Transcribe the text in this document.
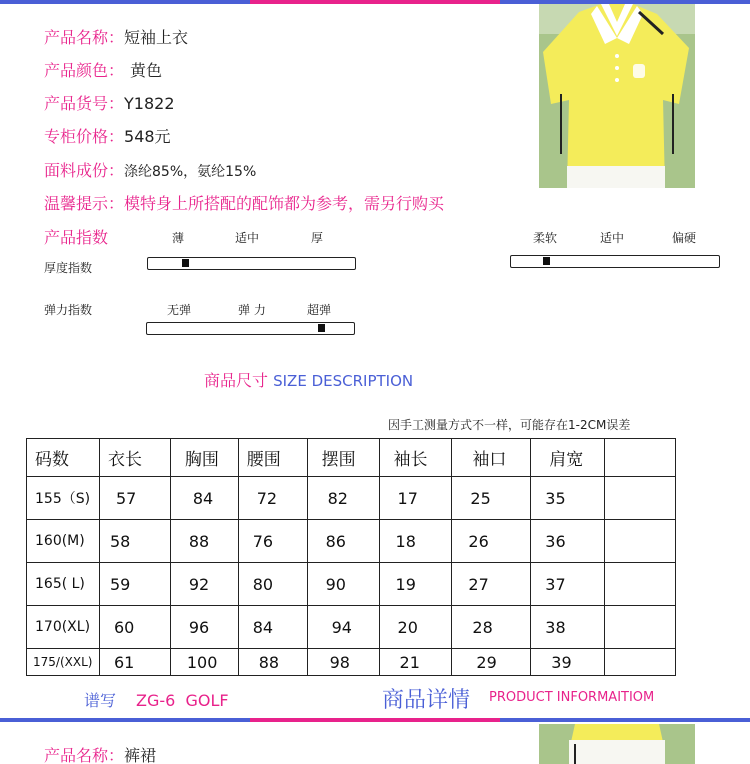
产品名称：短袖上衣
产品颜色： 黄色
产品货号：Y1822
专柜价格：548元
面料成份：涤纶85%，氨纶15%
温馨提示：模特身上所搭配的配饰都为参考，需另行购买
产品指数	薄	适中	厚
厚度指数
柔软	适中	偏硬
无弹	弹 力	超弹
弹力指数
商品尺寸 SIZE DESCRIPTION
因手工测量方式不一样，可能存在1-2CM误差
码数	衣长	胸围	腰围	摆围	袖长	袖口	肩宽	
155（S)	57	84	72	82	17	25	35	
160(M)	58	88	76	86	18	26	36	
165( L)	59	92	80	90	19	27	37	
170(XL)	60	96	84	94	20	28	38	
175/(XXL)	61	100	88	98	21	29	39	
谱写 ZG-6  GOLF	商品详情 PRODUCT INFORMAITIOM
产品名称：裤裙
